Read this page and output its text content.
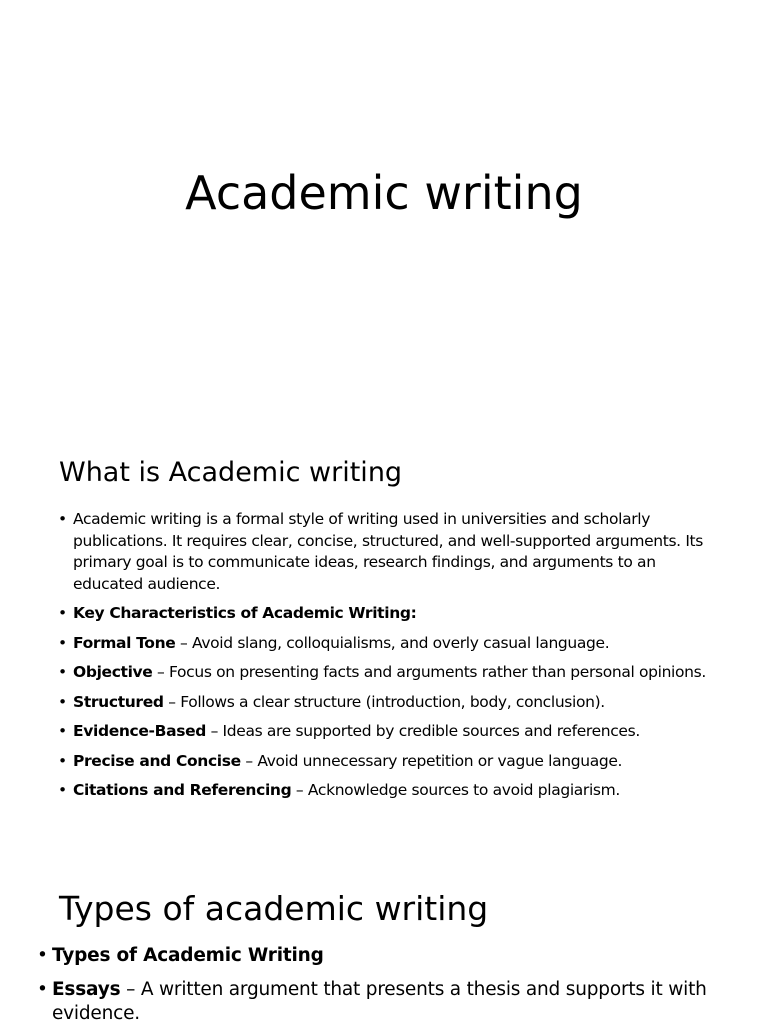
Academic writing
What is Academic writing
• Academic writing is a formal style of writing used in universities and scholarly publications. It requires clear, concise, structured, and well-supported arguments. Its primary goal is to communicate ideas, research findings, and arguments to an educated audience.
• Key Characteristics of Academic Writing:
• Formal Tone – Avoid slang, colloquialisms, and overly casual language.
• Objective – Focus on presenting facts and arguments rather than personal opinions.
• Structured – Follows a clear structure (introduction, body, conclusion).
• Evidence-Based – Ideas are supported by credible sources and references.
• Precise and Concise – Avoid unnecessary repetition or vague language.
• Citations and Referencing – Acknowledge sources to avoid plagiarism.
Types of academic writing
• Types of Academic Writing
• Essays – A written argument that presents a thesis and supports it with evidence.
